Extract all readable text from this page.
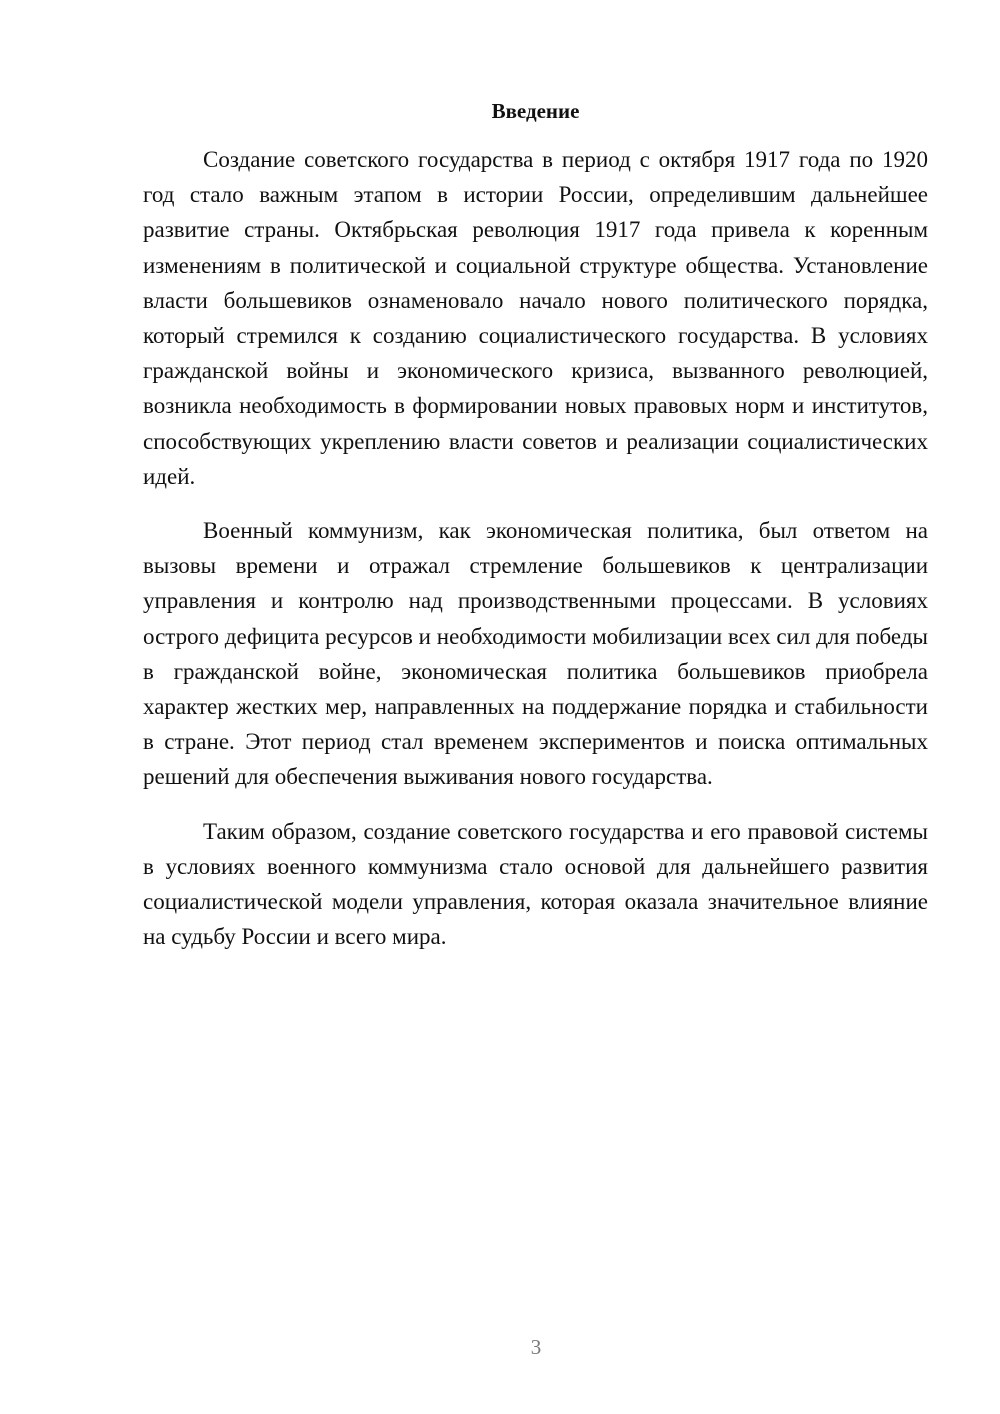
Введение

Создание советского государства в период с октября 1917 года по 1920 год стало важным этапом в истории России, определившим дальнейшее развитие страны. Октябрьская революция 1917 года привела к коренным изменениям в политической и социальной структуре общества. Установление власти большевиков ознаменовало начало нового политического порядка, который стремился к созданию социалистического государства. В условиях гражданской войны и экономического кризиса, вызванного революцией, возникла необходимость в формировании новых правовых норм и институтов, способствующих укреплению власти советов и реализации социалистических идей.

Военный коммунизм, как экономическая политика, был ответом на вызовы времени и отражал стремление большевиков к централизации управления и контролю над производственными процессами. В условиях острого дефицита ресурсов и необходимости мобилизации всех сил для победы в гражданской войне, экономическая политика большевиков приобрела характер жестких мер, направленных на поддержание порядка и стабильности в стране. Этот период стал временем экспериментов и поиска оптимальных решений для обеспечения выживания нового государства.

Таким образом, создание советского государства и его правовой системы в условиях военного коммунизма стало основой для дальнейшего развития социалистической модели управления, которая оказала значительное влияние на судьбу России и всего мира.

3
